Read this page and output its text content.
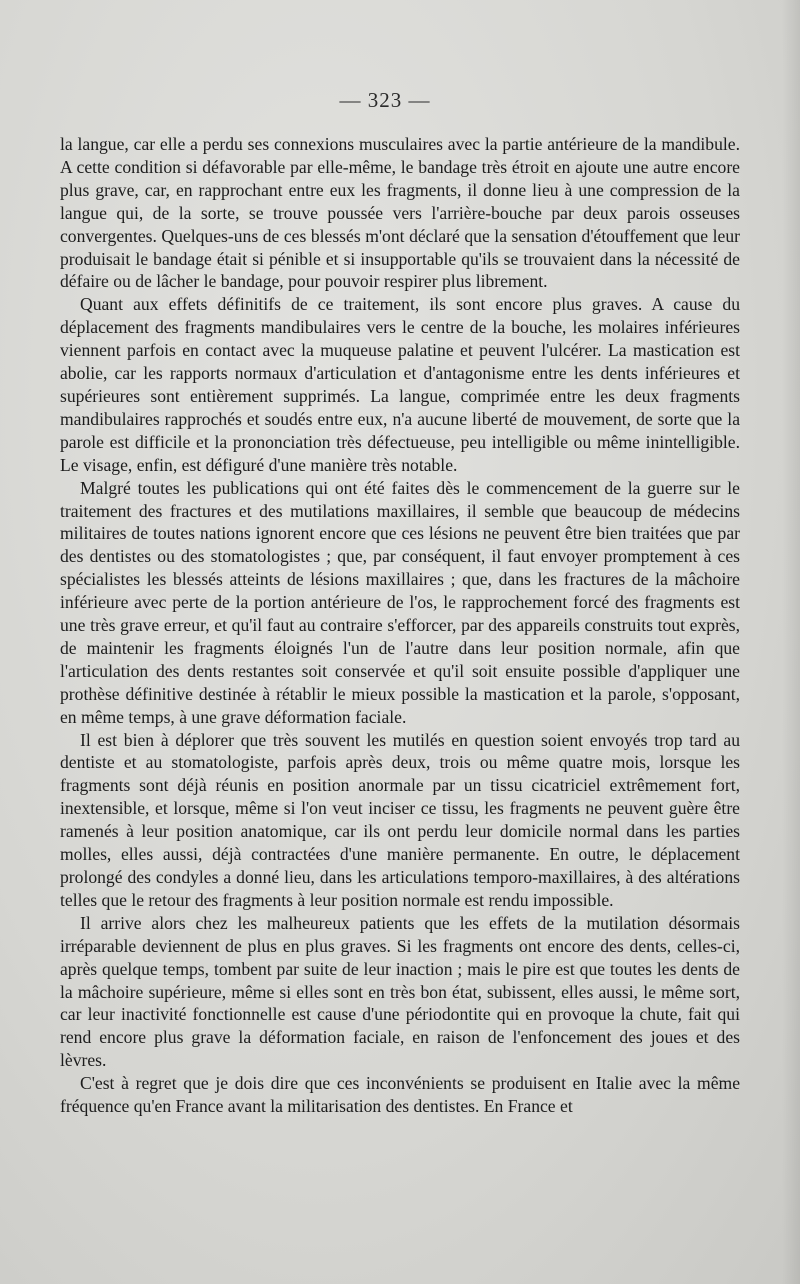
— 323 —

la langue, car elle a perdu ses connexions musculaires avec la partie antérieure de la mandibule. A cette condition si défavorable par elle-même, le bandage très étroit en ajoute une autre encore plus grave, car, en rapprochant entre eux les fragments, il donne lieu à une compression de la langue qui, de la sorte, se trouve poussée vers l'arrière-bouche par deux parois osseuses convergentes. Quelques-uns de ces blessés m'ont déclaré que la sensation d'étouffement que leur produisait le bandage était si pénible et si insupportable qu'ils se trouvaient dans la nécessité de défaire ou de lâcher le bandage, pour pouvoir respirer plus librement.

Quant aux effets définitifs de ce traitement, ils sont encore plus graves. A cause du déplacement des fragments mandibulaires vers le centre de la bouche, les molaires inférieures viennent parfois en contact avec la muqueuse palatine et peuvent l'ulcérer. La mastication est abolie, car les rapports normaux d'articulation et d'antagonisme entre les dents inférieures et supérieures sont entièrement supprimés. La langue, comprimée entre les deux fragments mandibulaires rapprochés et soudés entre eux, n'a aucune liberté de mouvement, de sorte que la parole est difficile et la prononciation très défectueuse, peu intelligible ou même inintelligible. Le visage, enfin, est défiguré d'une manière très notable.

Malgré toutes les publications qui ont été faites dès le commencement de la guerre sur le traitement des fractures et des mutilations maxillaires, il semble que beaucoup de médecins militaires de toutes nations ignorent encore que ces lésions ne peuvent être bien traitées que par des dentistes ou des stomatologistes ; que, par conséquent, il faut envoyer promptement à ces spécialistes les blessés atteints de lésions maxillaires ; que, dans les fractures de la mâchoire inférieure avec perte de la portion antérieure de l'os, le rapprochement forcé des fragments est une très grave erreur, et qu'il faut au contraire s'efforcer, par des appareils construits tout exprès, de maintenir les fragments éloignés l'un de l'autre dans leur position normale, afin que l'articulation des dents restantes soit conservée et qu'il soit ensuite possible d'appliquer une prothèse définitive destinée à rétablir le mieux possible la mastication et la parole, s'opposant, en même temps, à une grave déformation faciale.

Il est bien à déplorer que très souvent les mutilés en question soient envoyés trop tard au dentiste et au stomatologiste, parfois après deux, trois ou même quatre mois, lorsque les fragments sont déjà réunis en position anormale par un tissu cicatriciel extrêmement fort, inextensible, et lorsque, même si l'on veut inciser ce tissu, les fragments ne peuvent guère être ramenés à leur position anatomique, car ils ont perdu leur domicile normal dans les parties molles, elles aussi, déjà contractées d'une manière permanente. En outre, le déplacement prolongé des condyles a donné lieu, dans les articulations temporo-maxillaires, à des altérations telles que le retour des fragments à leur position normale est rendu impossible.

Il arrive alors chez les malheureux patients que les effets de la mutilation désormais irréparable deviennent de plus en plus graves. Si les fragments ont encore des dents, celles-ci, après quelque temps, tombent par suite de leur inaction ; mais le pire est que toutes les dents de la mâchoire supérieure, même si elles sont en très bon état, subissent, elles aussi, le même sort, car leur inactivité fonctionnelle est cause d'une périodontite qui en provoque la chute, fait qui rend encore plus grave la déformation faciale, en raison de l'enfoncement des joues et des lèvres.

C'est à regret que je dois dire que ces inconvénients se produisent en Italie avec la même fréquence qu'en France avant la militarisation des dentistes. En France et
